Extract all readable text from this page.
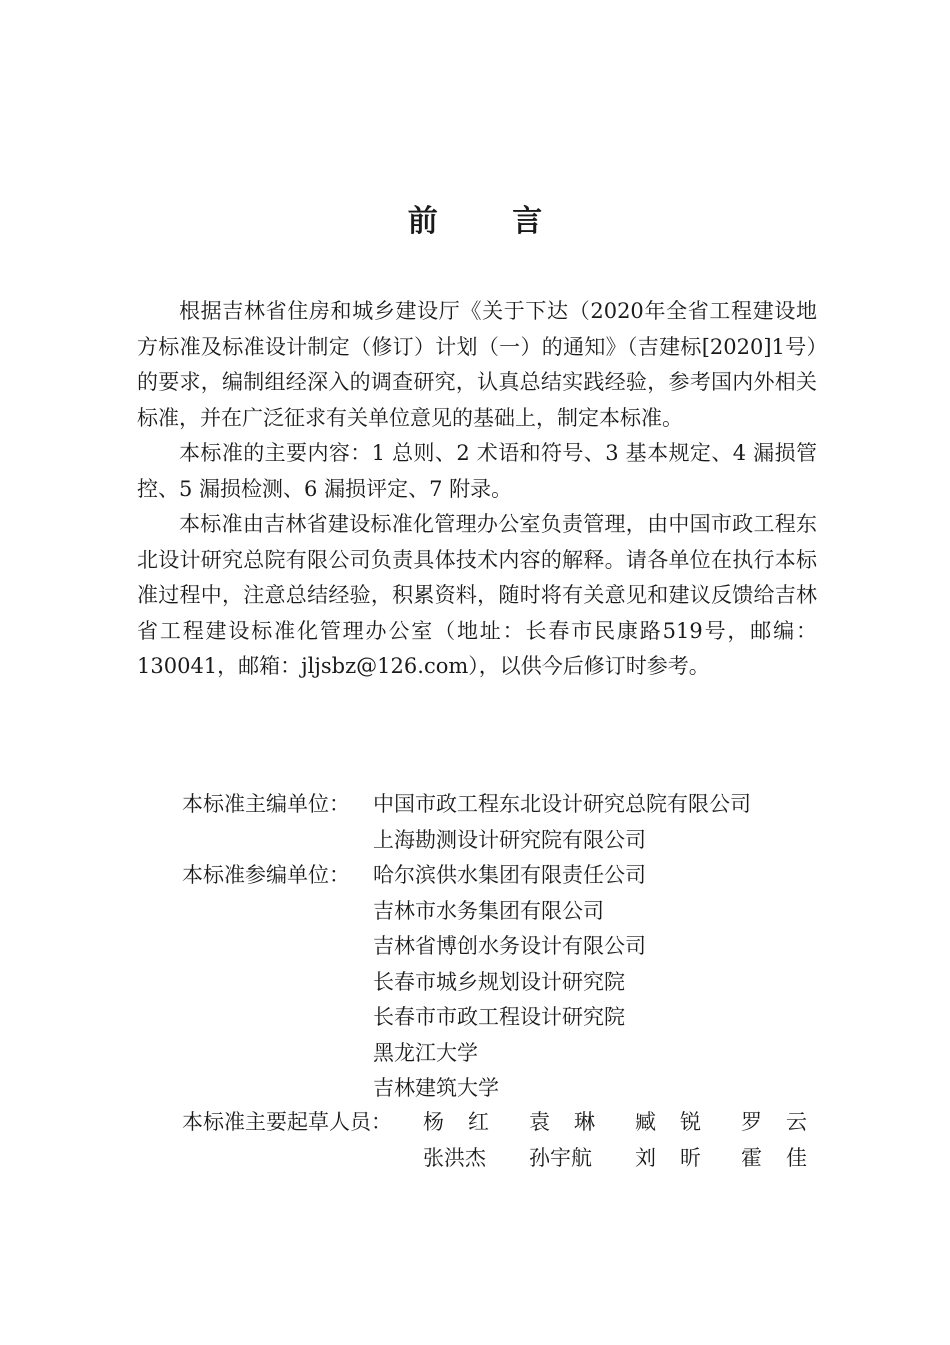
前 言

根据吉林省住房和城乡建设厅《关于下达（2020年全省工程建设地方标准及标准设计制定（修订）计划（一）的通知》（吉建标[2020]1号）的要求，编制组经深入的调查研究，认真总结实践经验，参考国内外相关标准，并在广泛征求有关单位意见的基础上，制定本标准。

本标准的主要内容：1 总则、2 术语和符号、3 基本规定、4 漏损管控、5 漏损检测、6 漏损评定、7 附录。

本标准由吉林省建设标准化管理办公室负责管理，由中国市政工程东北设计研究总院有限公司负责具体技术内容的解释。请各单位在执行本标准过程中，注意总结经验，积累资料，随时将有关意见和建议反馈给吉林省工程建设标准化管理办公室（地址：长春市民康路519号，邮编：130041，邮箱：jljsbz@126.com），以供今后修订时参考。

本标准主编单位：	中国市政工程东北设计研究总院有限公司
上海勘测设计研究院有限公司
本标准参编单位：	哈尔滨供水集团有限责任公司
吉林市水务集团有限公司
吉林省博创水务设计有限公司
长春市城乡规划设计研究院
长春市市政工程设计研究院
黑龙江大学
吉林建筑大学
本标准主要起草人员：	杨红 袁琳 臧锐 罗云
张洪杰	孙宇航	刘昕 霍佳
